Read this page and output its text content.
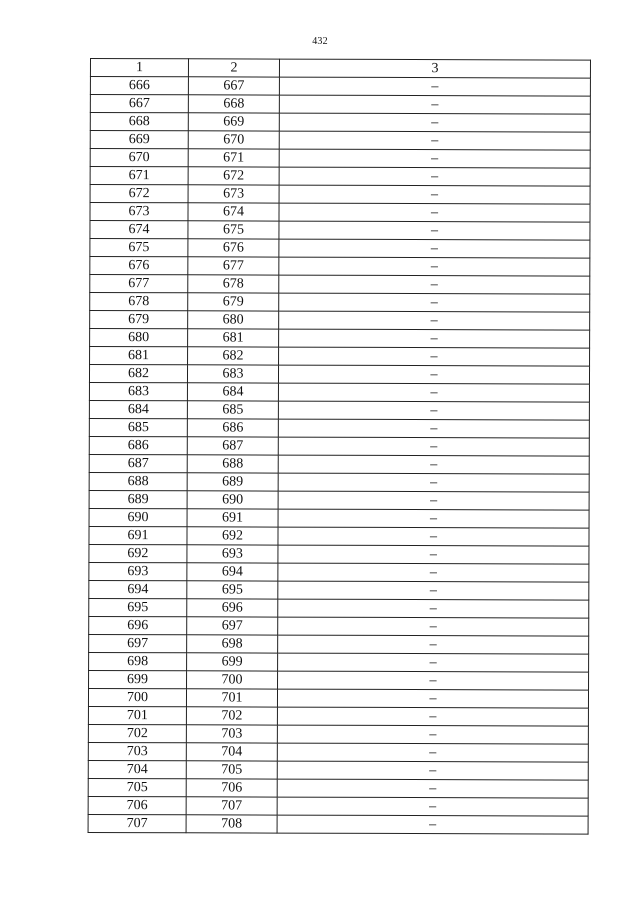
432
1	2	3
666	667	–
667	668	–
668	669	–
669	670	–
670	671	–
671	672	–
672	673	–
673	674	–
674	675	–
675	676	–
676	677	–
677	678	–
678	679	–
679	680	–
680	681	–
681	682	–
682	683	–
683	684	–
684	685	–
685	686	–
686	687	–
687	688	–
688	689	–
689	690	–
690	691	–
691	692	–
692	693	–
693	694	–
694	695	–
695	696	–
696	697	–
697	698	–
698	699	–
699	700	–
700	701	–
701	702	–
702	703	–
703	704	–
704	705	–
705	706	–
706	707	–
707	708	–
